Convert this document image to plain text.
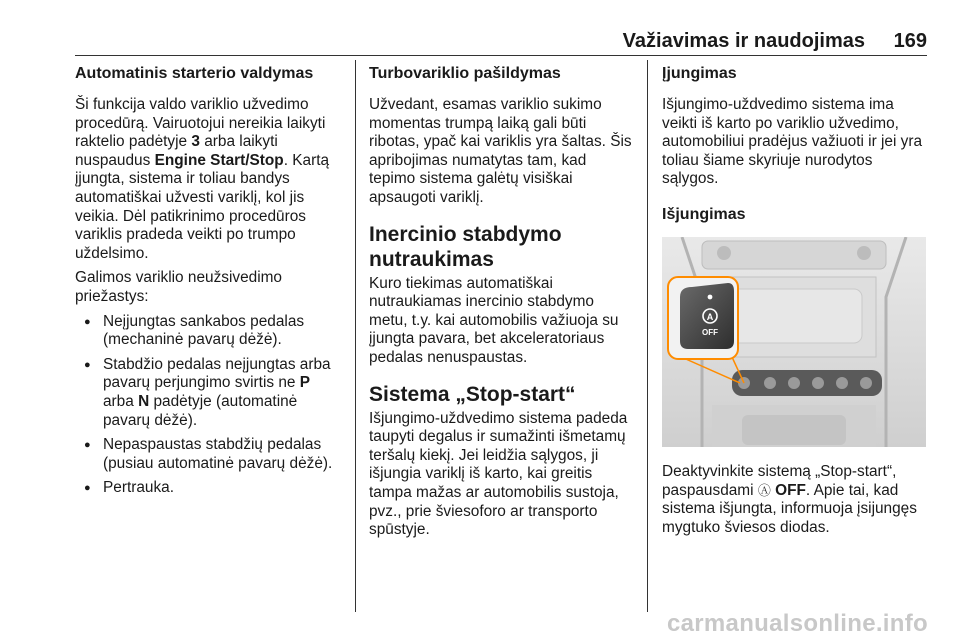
Važiavimas ir naudojimas 169
Automatinis starterio valdymas

Ši funkcija valdo variklio užvedimo procedūrą. Vairuotojui nereikia laikyti raktelio padėtyje 3 arba laikyti nuspaudus Engine Start/Stop. Kartą įjungta, sistema ir toliau bandys automatiškai užvesti variklį, kol jis veikia. Dėl patikrinimo procedūros variklis pradeda veikti po trumpo uždelsimo.

Galimos variklio neužsivedimo priežastys:

● Neįjungtas sankabos pedalas (mechaninė pavarų dėžė).
● Stabdžio pedalas neįjungtas arba pavarų perjungimo svirtis ne P arba N padėtyje (automatinė pavarų dėžė).
● Nepaspaustas stabdžių pedalas (pusiau automatinė pavarų dėžė).
● Pertrauka.
Turbovariklio pašildymas

Užvedant, esamas variklio sukimo momentas trumpą laiką gali būti ribotas, ypač kai variklis yra šaltas. Šis apribojimas numatytas tam, kad tepimo sistema galėtų visiškai apsaugoti variklį.

Inercinio stabdymo nutraukimas

Kuro tiekimas automatiškai nutraukiamas inercinio stabdymo metu, t.y. kai automobilis važiuoja su įjungta pavara, bet akceleratoriaus pedalas nenuspaustas.

Sistema „Stop-start“

Išjungimo-uždvedimo sistema padeda taupyti degalus ir sumažinti išmetamų teršalų kiekį. Jei leidžia sąlygos, ji išjungia variklį iš karto, kai greitis tampa mažas ar automobilis sustoja, pvz., prie šviesoforo ar transporto spūstyje.

Įjungimas

Išjungimo-uždvedimo sistema ima veikti iš karto po variklio užvedimo, automobiliui pradėjus važiuoti ir jei yra toliau šiame skyriuje nurodytos sąlygos.

Išjungimas
A
OFF

Deaktyvinkite sistemą „Stop-start“, paspausdami Ⓐ OFF. Apie tai, kad sistema išjungta, informuoja įsijungęs mygtuko šviesos diodas.

carmanualsonline.info
